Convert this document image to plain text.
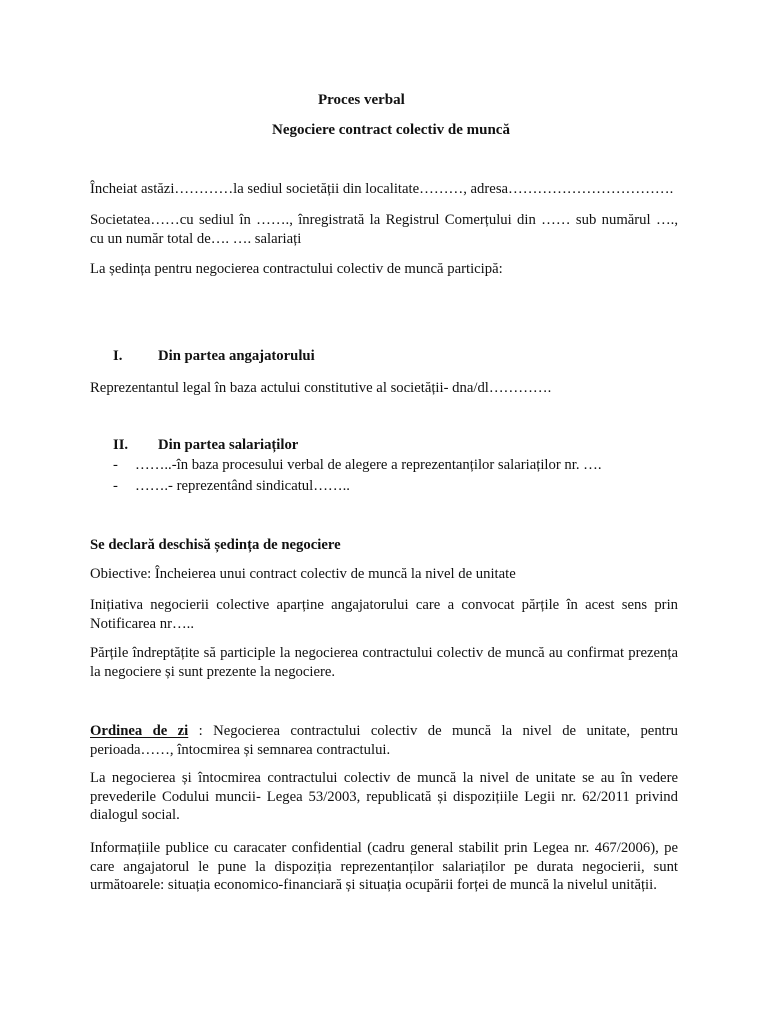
Proces verbal
Negociere contract colectiv de muncă
Încheiat astăzi…………la sediul societății din localitate………, adresa…………………………….
Societatea……cu sediul în ……., înregistrată la Registrul Comerțului din …… sub numărul ….,
cu un număr total de…. …. salariați
La ședința pentru negocierea contractului colectiv de muncă participă:
I. Din partea angajatorului
Reprezentantul legal în baza actului constitutive al societății- dna/dl………….
II. Din partea salariaților
- ……..-în baza procesului verbal de alegere a reprezentanților salariaților nr. ….
- …….- reprezentând sindicatul……..
Se declară deschisă ședința de negociere
Obiective: Încheierea unui contract colectiv de muncă la nivel de unitate
Inițiativa negocierii colective aparține angajatorului care a convocat părțile în acest sens prin
Notificarea nr…..
Părțile îndreptățite să participle la negocierea contractului colectiv de muncă au confirmat prezența
la negociere și sunt prezente la negociere.
Ordinea de zi : Negocierea contractului colectiv de muncă la nivel de unitate, pentru
perioada……, întocmirea și semnarea contractului.
La negocierea și întocmirea contractului colectiv de muncă la nivel de unitate se au în vedere
prevederile Codului muncii- Legea 53/2003, republicată și dispozițiile Legii nr. 62/2011 privind
dialogul social.
Informațiile publice cu caracater confidential (cadru general stabilit prin Legea nr. 467/2006), pe
care angajatorul le pune la dispoziția reprezentanților salariaților pe durata negocierii, sunt
următoarele: situația economico-financiară și situația ocupării forței de muncă la nivelul unității.
